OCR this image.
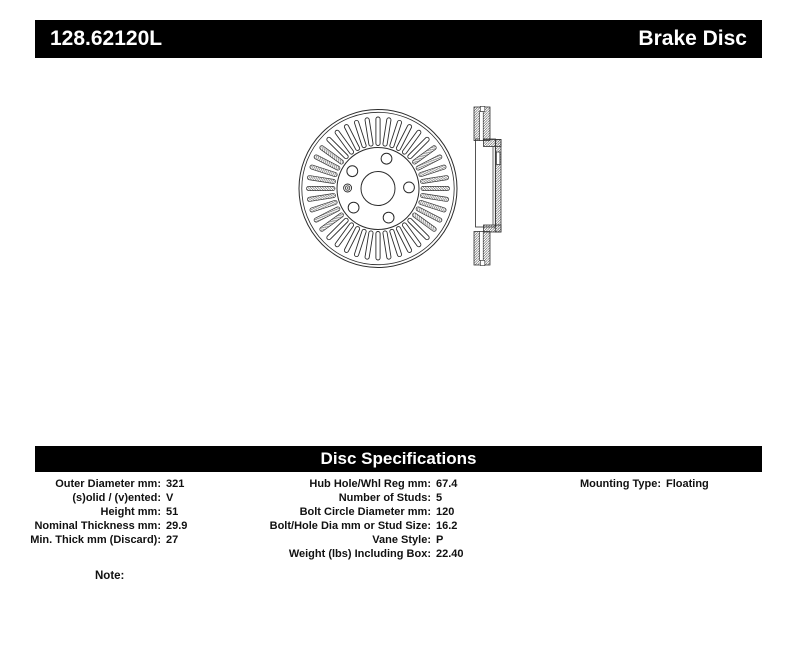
128.62120L	Brake Disc
Disc Specifications
Outer Diameter mm: 321
(s)olid / (v)ented: V
Height mm: 51
Nominal Thickness mm: 29.9
Min. Thick mm (Discard): 27
Hub Hole/Whl Reg mm: 67.4
Number of Studs: 5
Bolt Circle Diameter mm: 120
Bolt/Hole Dia mm or Stud Size: 16.2
Vane Style: P
Weight (lbs) Including Box: 22.40
Mounting Type: Floating
Note:
